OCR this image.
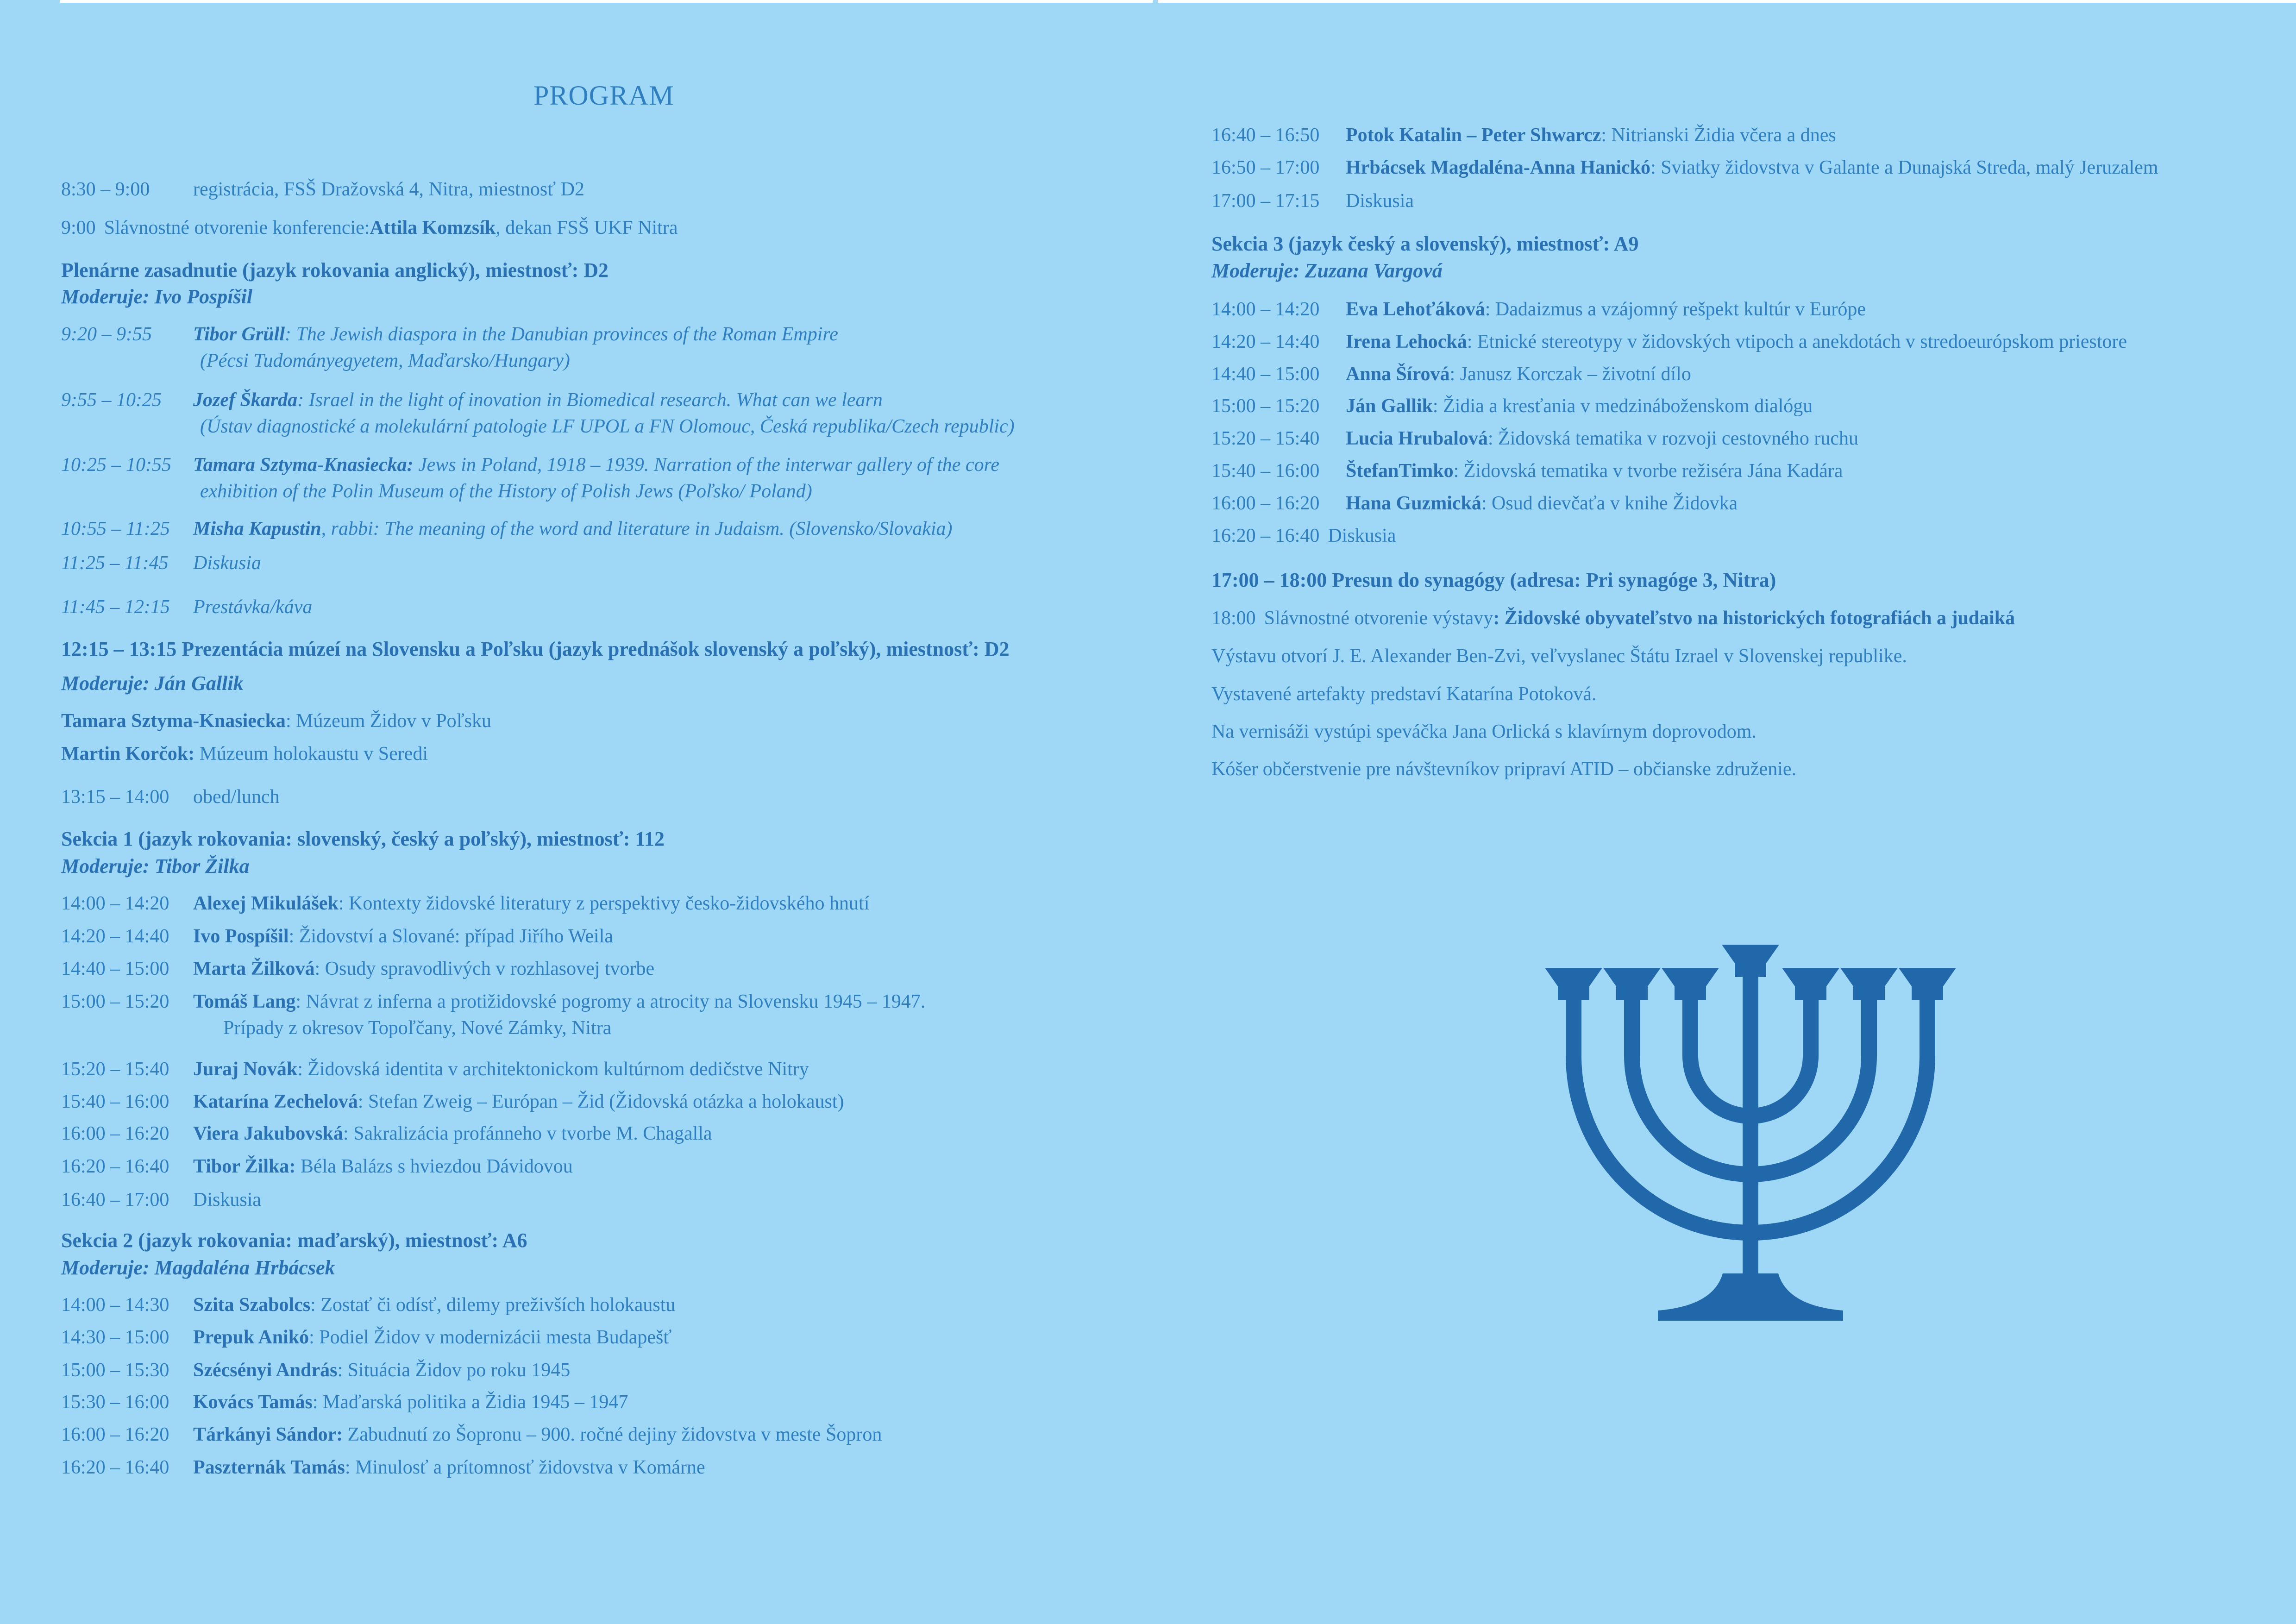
PROGRAM
8:30 – 9:00 registrácia, FSŠ Dražovská 4, Nitra, miestnosť D2
9:00 Slávnostné otvorenie konferencie:Attila Komzsík, dekan FSŠ UKF Nitra
Plenárne zasadnutie (jazyk rokovania anglický), miestnosť: D2
Moderuje: Ivo Pospíšil
9:20 – 9:55 Tibor Grüll: The Jewish diaspora in the Danubian provinces of the Roman Empire
(Pécsi Tudományegyetem, Maďarsko/Hungary)
9:55 – 10:25 Jozef Škarda: Israel in the light of inovation in Biomedical research. What can we learn
(Ústav diagnostické a molekulární patologie LF UPOL a FN Olomouc, Česká republika/Czech republic)
10:25 – 10:55 Tamara Sztyma-Knasiecka: Jews in Poland, 1918 – 1939. Narration of the interwar gallery of the core
exhibition of the Polin Museum of the History of Polish Jews (Poľsko/ Poland)
10:55 – 11:25 Misha Kapustin, rabbi: The meaning of the word and literature in Judaism. (Slovensko/Slovakia)
11:25 – 11:45 Diskusia
11:45 – 12:15 Prestávka/káva
12:15 – 13:15 Prezentácia múzeí na Slovensku a Poľsku (jazyk prednášok slovenský a poľský), miestnosť: D2
Moderuje: Ján Gallik
Tamara Sztyma-Knasiecka: Múzeum Židov v Poľsku
Martin Korčok: Múzeum holokaustu v Seredi
13:15 – 14:00 obed/lunch
Sekcia 1 (jazyk rokovania: slovenský, český a poľský), miestnosť: 112
Moderuje: Tibor Žilka
14:00 – 14:20 Alexej Mikulášek: Kontexty židovské literatury z perspektivy česko-židovského hnutí
14:20 – 14:40 Ivo Pospíšil: Židovství a Slované: případ Jiřího Weila
14:40 – 15:00 Marta Žilková: Osudy spravodlivých v rozhlasovej tvorbe
15:00 – 15:20 Tomáš Lang: Návrat z inferna a protižidovské pogromy a atrocity na Slovensku 1945 – 1947.
Prípady z okresov Topoľčany, Nové Zámky, Nitra
15:20 – 15:40 Juraj Novák: Židovská identita v architektonickom kultúrnom dedičstve Nitry
15:40 – 16:00 Katarína Zechelová: Stefan Zweig – Európan – Žid (Židovská otázka a holokaust)
16:00 – 16:20 Viera Jakubovská: Sakralizácia profánneho v tvorbe M. Chagalla
16:20 – 16:40 Tibor Žilka: Béla Balázs s hviezdou Dávidovou
16:40 – 17:00 Diskusia
Sekcia 2 (jazyk rokovania: maďarský), miestnosť: A6
Moderuje: Magdaléna Hrbácsek
14:00 – 14:30 Szita Szabolcs: Zostať či odísť, dilemy preživších holokaustu
14:30 – 15:00 Prepuk Anikó: Podiel Židov v modernizácii mesta Budapešť
15:00 – 15:30 Szécsényi András: Situácia Židov po roku 1945
15:30 – 16:00 Kovács Tamás: Maďarská politika a Židia 1945 – 1947
16:00 – 16:20 Tárkányi Sándor: Zabudnutí zo Šopronu – 900. ročné dejiny židovstva v meste Šopron
16:20 – 16:40 Paszternák Tamás: Minulosť a prítomnosť židovstva v Komárne
16:40 – 16:50 Potok Katalin – Peter Shwarcz: Nitrianski Židia včera a dnes
16:50 – 17:00 Hrbácsek Magdaléna-Anna Hanickó: Sviatky židovstva v Galante a Dunajská Streda, malý Jeruzalem
17:00 – 17:15 Diskusia
Sekcia 3 (jazyk český a slovenský), miestnosť: A9
Moderuje: Zuzana Vargová
14:00 – 14:20 Eva Lehoťáková: Dadaizmus a vzájomný rešpekt kultúr v Európe
14:20 – 14:40 Irena Lehocká: Etnické stereotypy v židovských vtipoch a anekdotách v stredoeurópskom priestore
14:40 – 15:00 Anna Šírová: Janusz Korczak – životní dílo
15:00 – 15:20 Ján Gallik: Židia a kresťania v medzináboženskom dialógu
15:20 – 15:40 Lucia Hrubalová: Židovská tematika v rozvoji cestovného ruchu
15:40 – 16:00 ŠtefanTimko: Židovská tematika v tvorbe režiséra Jána Kadára
16:00 – 16:20 Hana Guzmická: Osud dievčaťa v knihe Židovka
16:20 – 16:40 Diskusia
17:00 – 18:00 Presun do synagógy (adresa: Pri synagóge 3, Nitra)
18:00 Slávnostné otvorenie výstavy: Židovské obyvateľstvo na historických fotografiách a judaiká
Výstavu otvorí J. E. Alexander Ben-Zvi, veľvyslanec Štátu Izrael v Slovenskej republike.
Vystavené artefakty predstaví Katarína Potoková.
Na vernisáži vystúpi speváčka Jana Orlická s klavírnym doprovodom.
Kóšer občerstvenie pre návštevníkov pripraví ATID – občianske združenie.
